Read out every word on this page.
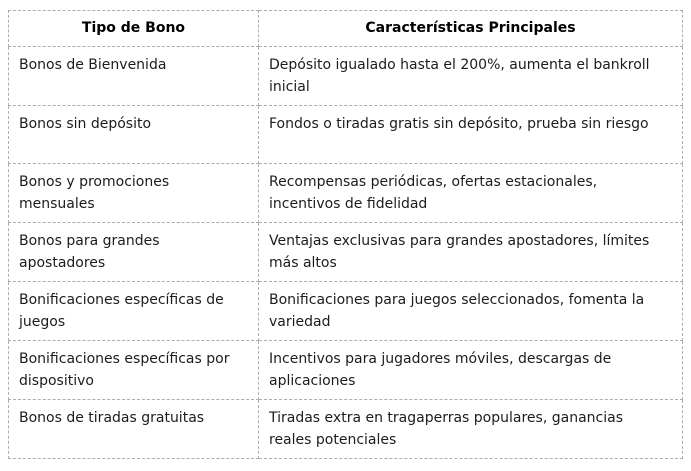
Tipo de Bono	Características Principales
Bonos de Bienvenida	Depósito igualado hasta el 200%, aumenta el bankroll inicial
Bonos sin depósito	Fondos o tiradas gratis sin depósito, prueba sin riesgo
Bonos y promociones mensuales	Recompensas periódicas, ofertas estacionales, incentivos de fidelidad
Bonos para grandes apostadores	Ventajas exclusivas para grandes apostadores, límites más altos
Bonificaciones específicas de juegos	Bonificaciones para juegos seleccionados, fomenta la variedad
Bonificaciones específicas por dispositivo	Incentivos para jugadores móviles, descargas de aplicaciones
Bonos de tiradas gratuitas	Tiradas extra en tragaperras populares, ganancias reales potenciales
